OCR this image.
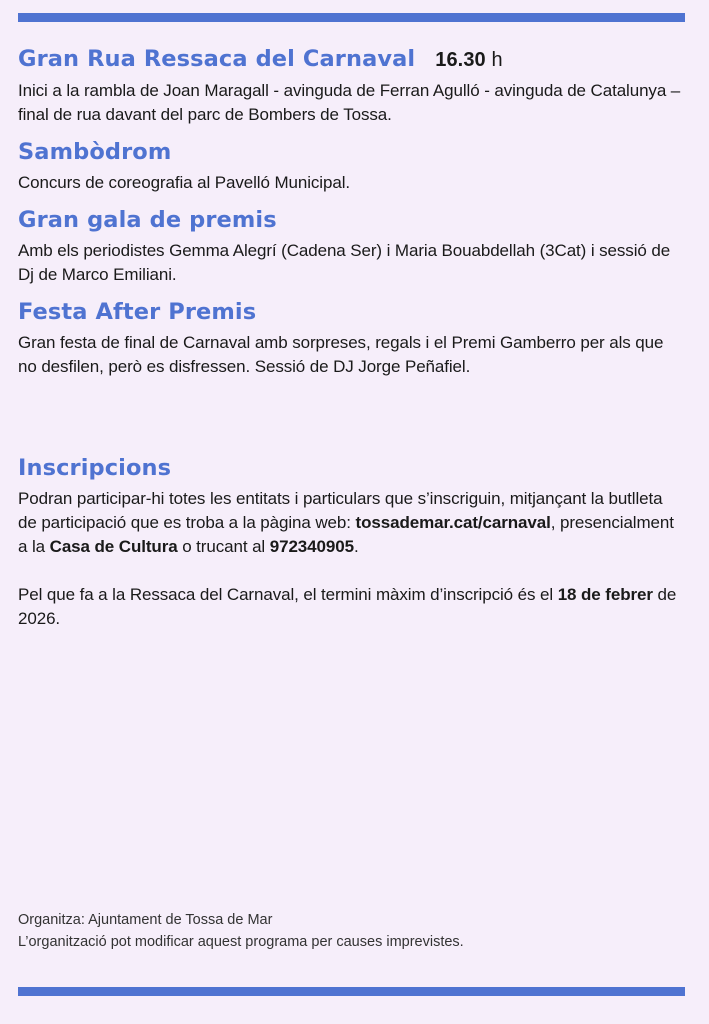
Gran Rua Ressaca del Carnaval 16.30 h

Inici a la rambla de Joan Maragall - avinguda de Ferran Agulló - avinguda de Catalunya – final de rua davant del parc de Bombers de Tossa.

Sambòdrom

Concurs de coreografia al Pavelló Municipal.

Gran gala de premis

Amb els periodistes Gemma Alegrí (Cadena Ser) i Maria Bouabdellah (3Cat) i sessió de Dj de Marco Emiliani.

Festa After Premis

Gran festa de final de Carnaval amb sorpreses, regals i el Premi Gamberro per als que no desfilen, però es disfressen. Sessió de DJ Jorge Peñafiel.

Inscripcions

Podran participar-hi totes les entitats i particulars que s’inscriguin, mitjançant la butlleta de participació que es troba a la pàgina web: tossademar.cat/carnaval, presencialment a la Casa de Cultura o trucant al 972340905.

Pel que fa a la Ressaca del Carnaval, el termini màxim d’inscripció és el 18 de febrer de 2026.

Organitza: Ajuntament de Tossa de Mar
L’organització pot modificar aquest programa per causes imprevistes.
